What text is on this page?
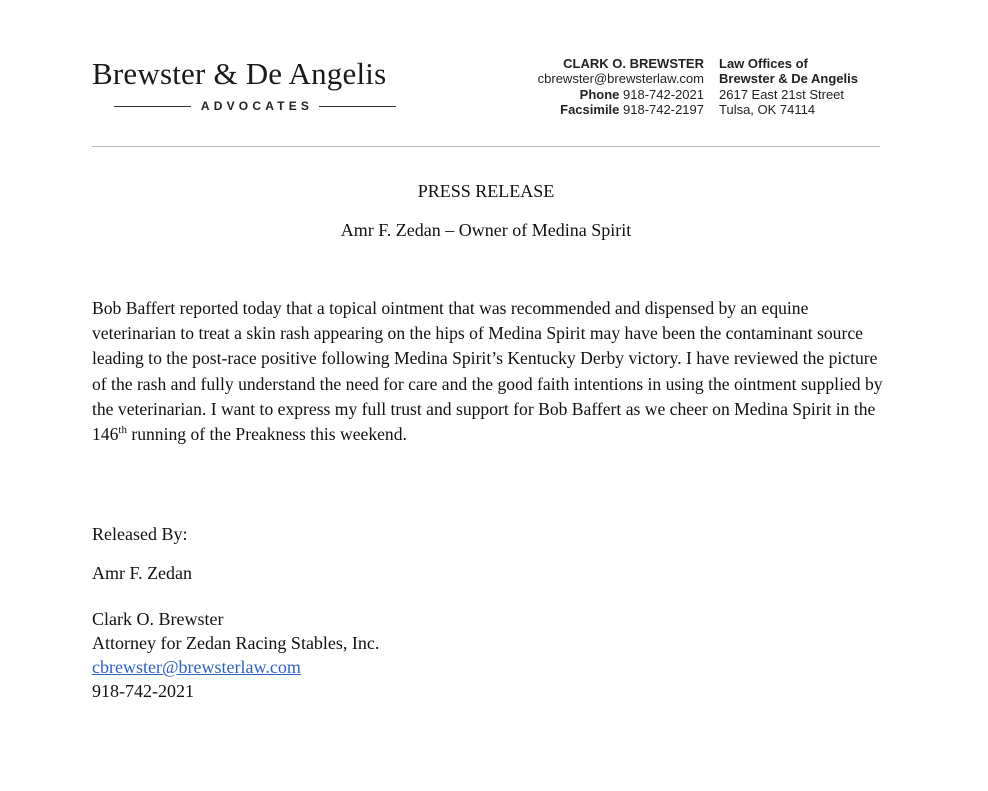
Brewster & De Angelis
ADVOCATES
CLARK O. BREWSTER
cbrewster@brewsterlaw.com
Phone 918-742-2021
Facsimile 918-742-2197
Law Offices of
Brewster & De Angelis
2617 East 21st Street
Tulsa, OK 74114
PRESS RELEASE
Amr F. Zedan – Owner of Medina Spirit
Bob Baffert reported today that a topical ointment that was recommended and dispensed by an equine veterinarian to treat a skin rash appearing on the hips of Medina Spirit may have been the contaminant source leading to the post-race positive following Medina Spirit’s Kentucky Derby victory. I have reviewed the picture of the rash and fully understand the need for care and the good faith intentions in using the ointment supplied by the veterinarian. I want to express my full trust and support for Bob Baffert as we cheer on Medina Spirit in the 146th running of the Preakness this weekend.
Released By:
Amr F. Zedan
Clark O. Brewster
Attorney for Zedan Racing Stables, Inc.
cbrewster@brewsterlaw.com
918-742-2021
